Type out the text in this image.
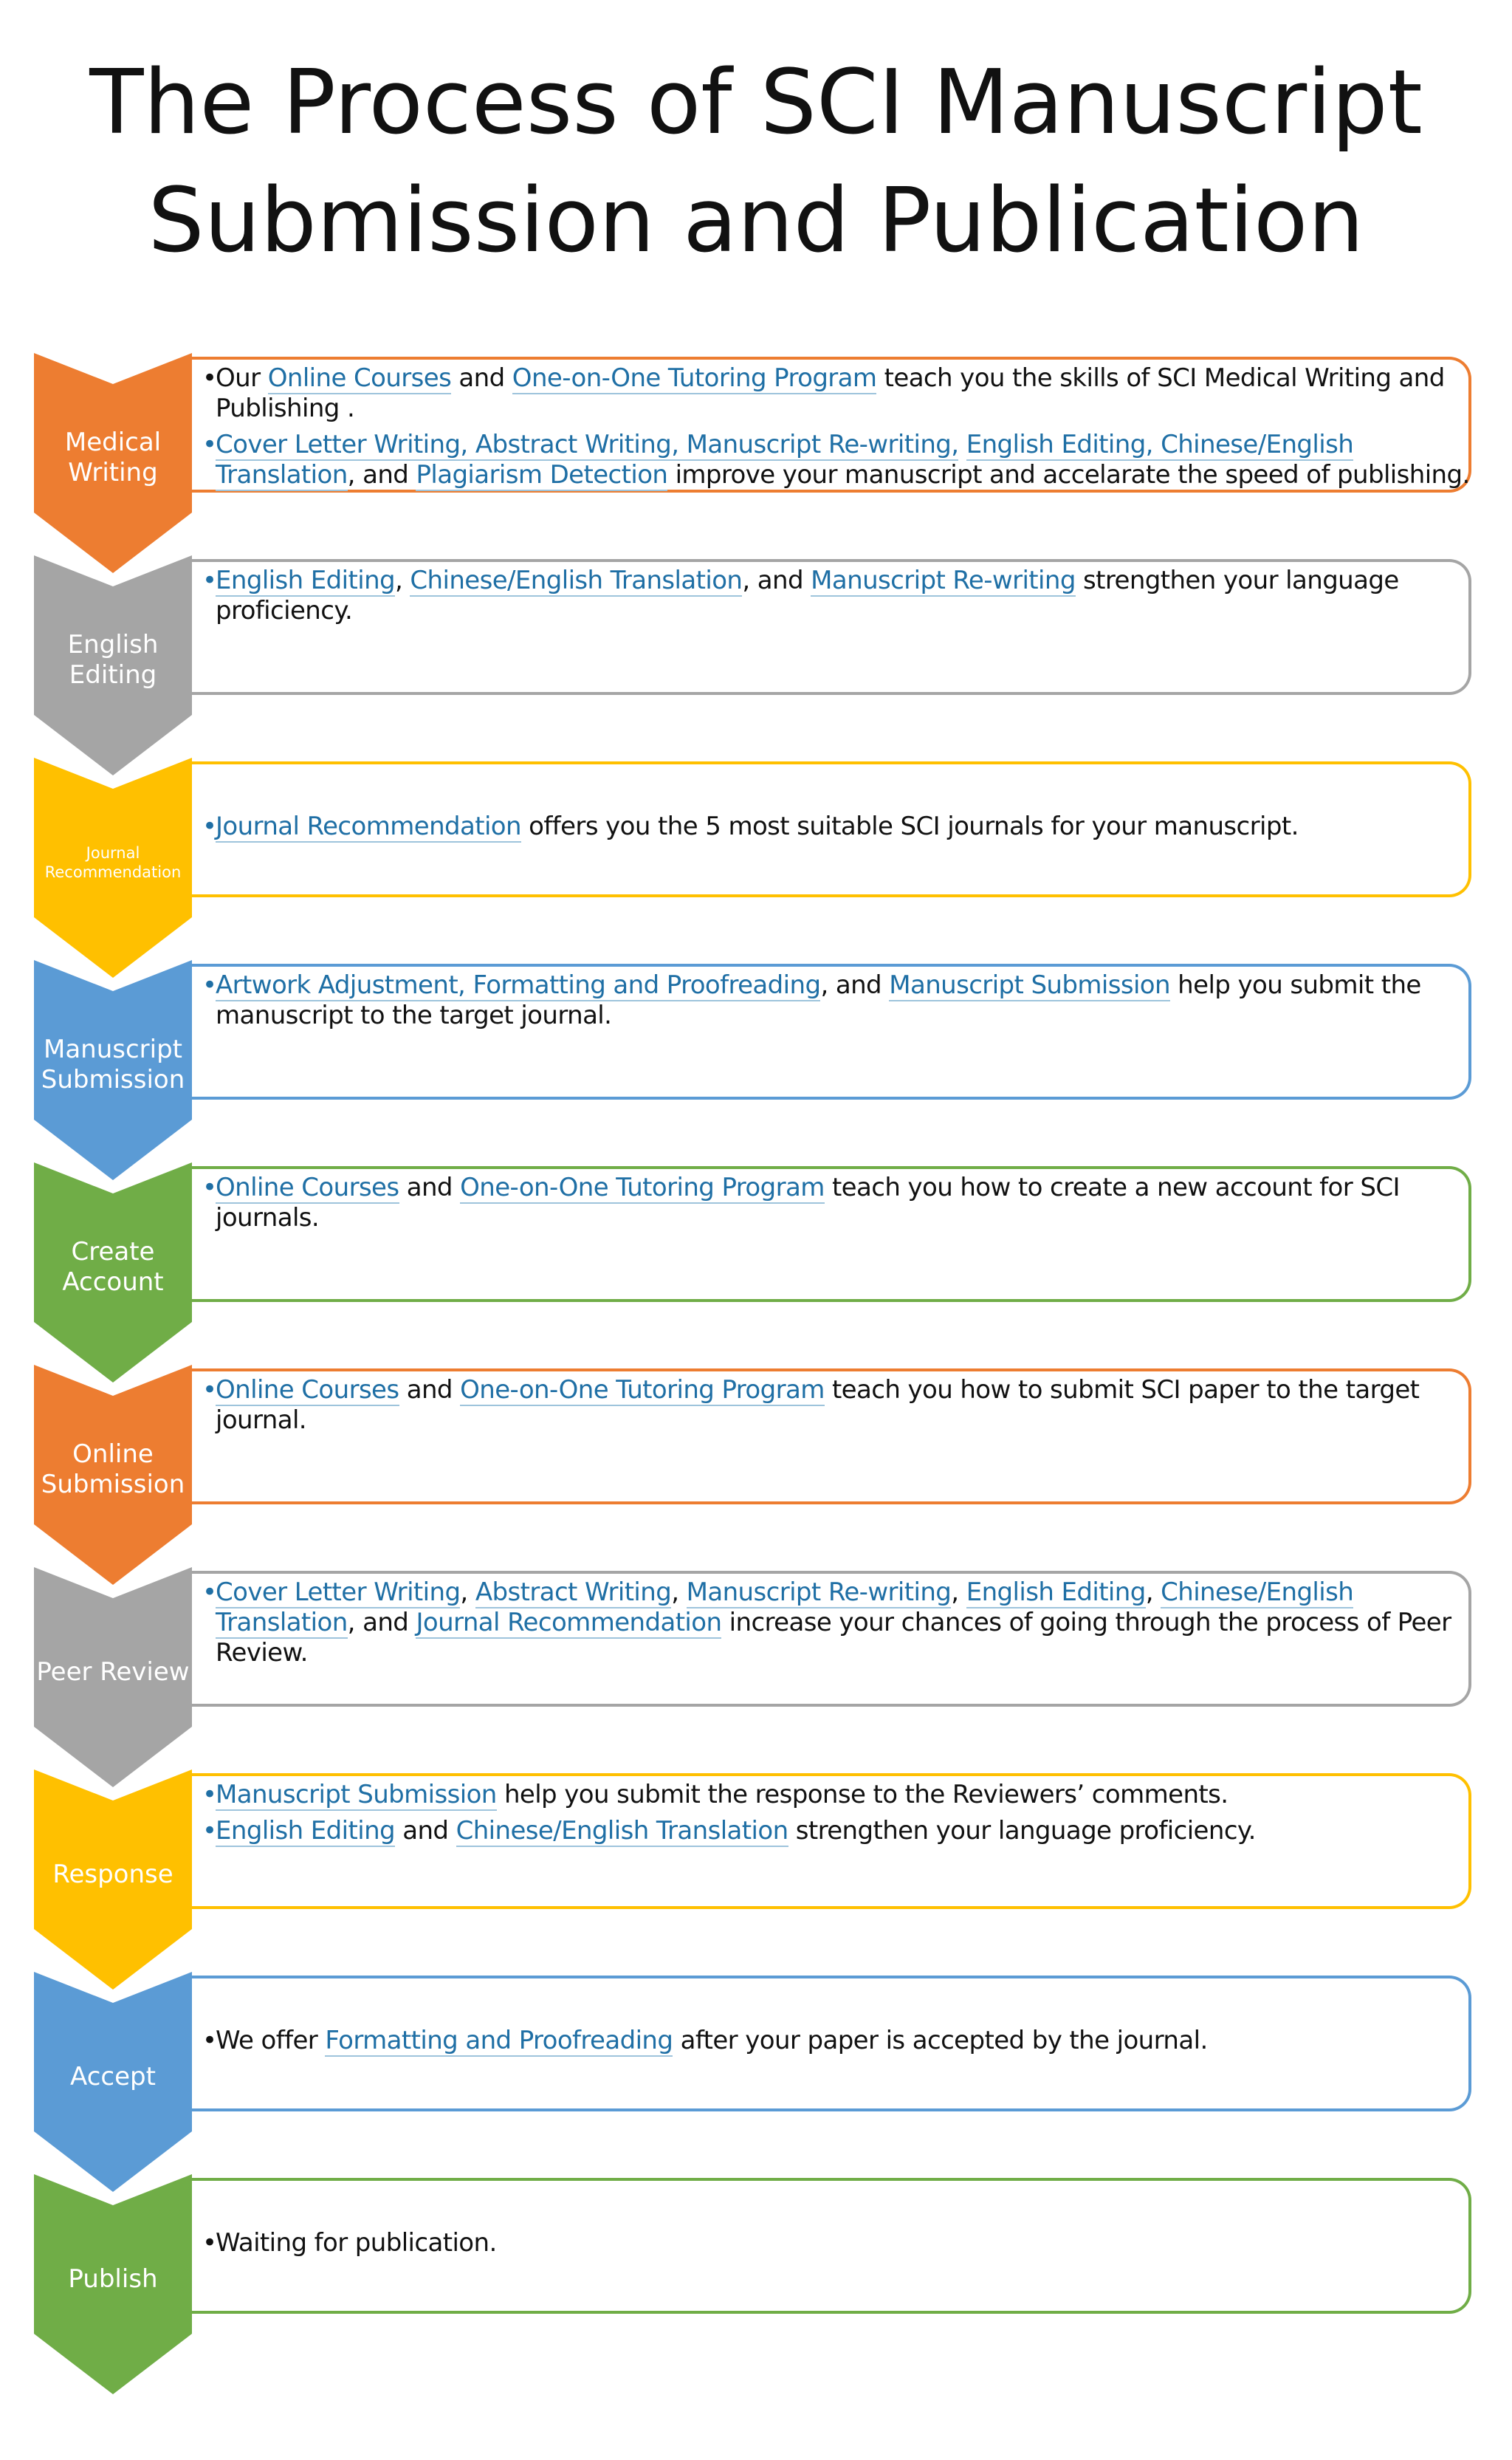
The Process of SCI Manuscript
Submission and Publication
Medical
Writing
•
Our Online Courses and One-on-One Tutoring Program teach you the skills of SCI Medical Writing and Publishing .
•
Cover Letter Writing, Abstract Writing, Manuscript Re-writing, English Editing, Chinese/English Translation, and Plagiarism Detection improve your manuscript and accelarate the speed of publishing.
English
Editing
•
English Editing, Chinese/English Translation, and Manuscript Re-writing strengthen your language proficiency.
Journal
Recommendation
•
Journal Recommendation offers you the 5 most suitable SCI journals for your manuscript.
Manuscript
Submission
•
Artwork Adjustment, Formatting and Proofreading, and Manuscript Submission help you submit the manuscript to the target journal.
Create
Account
•
Online Courses and One-on-One Tutoring Program teach you how to create a new account for SCI journals.
Online
Submission
•
Online Courses and One-on-One Tutoring Program teach you how to submit SCI paper to the target journal.
Peer Review
•
Cover Letter Writing, Abstract Writing, Manuscript Re-writing, English Editing, Chinese/English Translation, and Journal Recommendation increase your chances of going through the process of Peer Review.
Response
•
Manuscript Submission help you submit the response to the Reviewers’ comments.
•
English Editing and Chinese/English Translation strengthen your language proficiency.
Accept
•
We offer Formatting and Proofreading after your paper is accepted by the journal.
Publish
•
Waiting for publication.
